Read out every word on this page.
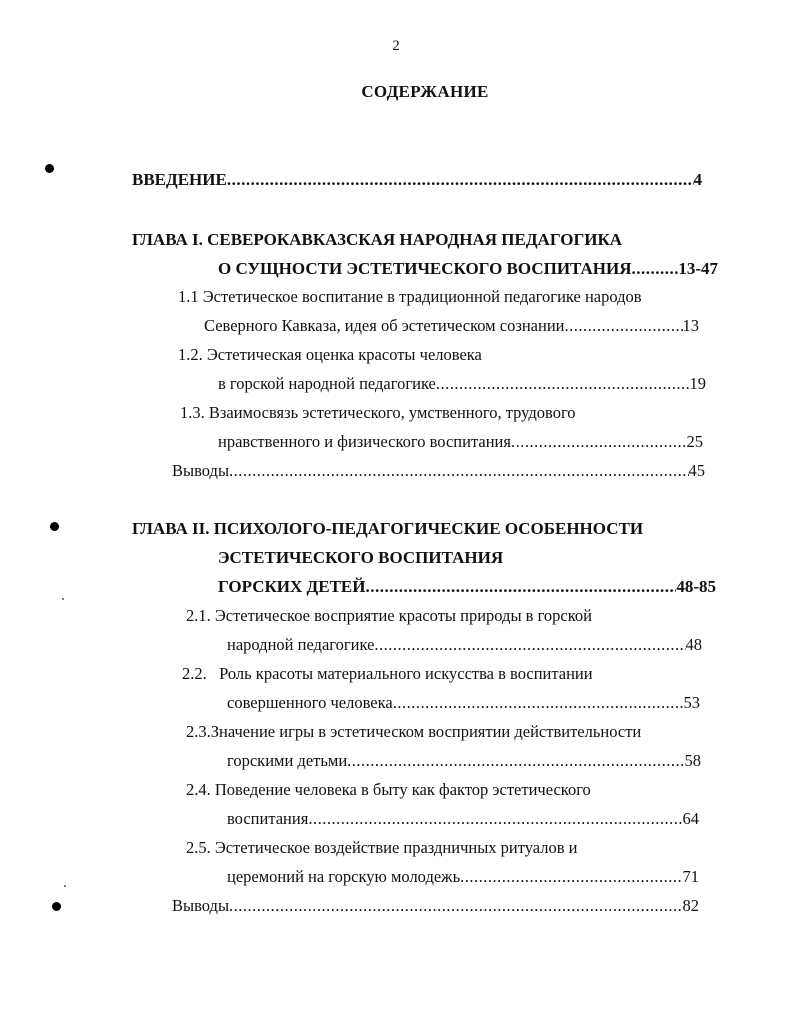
2
СОДЕРЖАНИЕ
ВВЕДЕНИЕ .....	4
ГЛАВА I. СЕВЕРОКАВКАЗСКАЯ НАРОДНАЯ ПЕДАГОГИКА
О СУЩНОСТИ ЭСТЕТИЧЕСКОГО ВОСПИТАНИЯ .....	13-47
1.1 Эстетическое воспитание в традиционной педагогике народов
Северного Кавказа, идея об эстетическом сознании .....	13
1.2. Эстетическая оценка красоты человека
в горской народной педагогике .....	19
1.3. Взаимосвязь эстетического, умственного, трудового
нравственного и физического воспитания .....	25
Выводы .....	45
ГЛАВА II. ПСИХОЛОГО-ПЕДАГОГИЧЕСКИЕ ОСОБЕННОСТИ
ЭСТЕТИЧЕСКОГО ВОСПИТАНИЯ
ГОРСКИХ ДЕТЕЙ .....	48-85
2.1. Эстетическое восприятие красоты природы в горской
народной педагогике .....	48
2.2.   Роль красоты материального искусства в воспитании
совершенного человека .....	53
2.3.Значение игры в эстетическом восприятии действительности
горскими детьми .....	58
2.4. Поведение человека в быту как фактор эстетического
воспитания .....	64
2.5. Эстетическое воздействие праздничных ритуалов и
церемоний на горскую молодежь .....	71
Выводы .....	82
